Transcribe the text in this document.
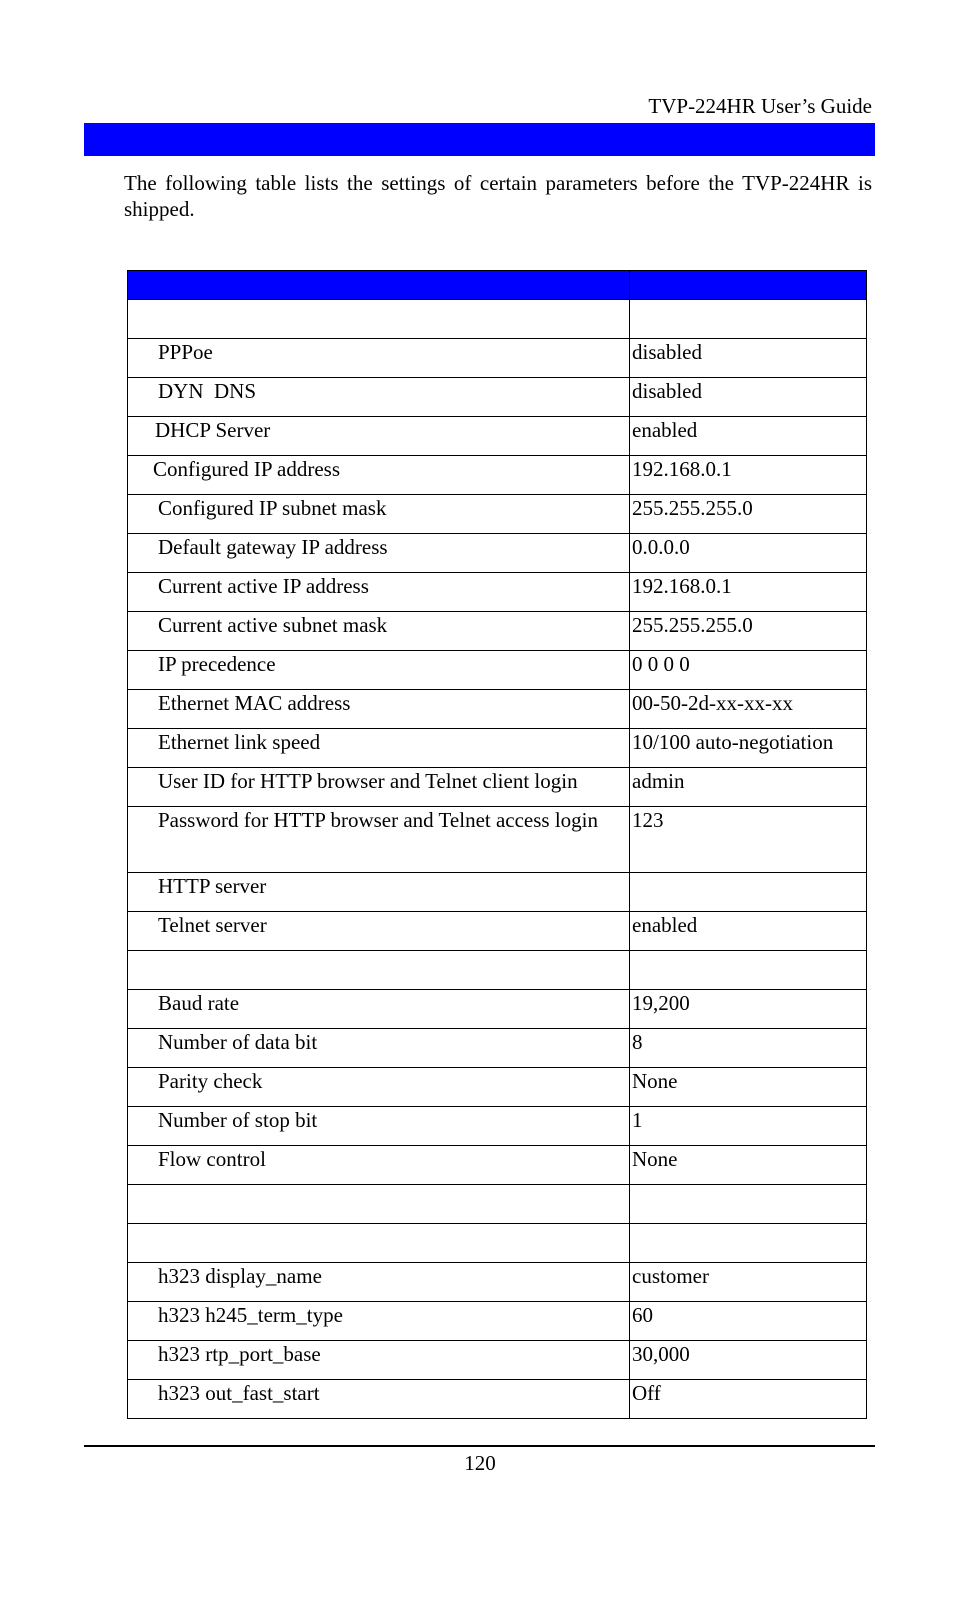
TVP-224HR User’s Guide

The following table lists the settings of certain parameters before the TVP-224HR is shipped.

PPPoe	disabled

DYN  DNS	disabled

DHCP Server	enabled

Configured IP address	192.168.0.1

Configured IP subnet mask	255.255.255.0

Default gateway IP address	0.0.0.0

Current active IP address	192.168.0.1

Current active subnet mask	255.255.255.0

IP precedence	0 0 0 0

Ethernet MAC address	00-50-2d-xx-xx-xx

Ethernet link speed	10/100 auto-negotiation

User ID for HTTP browser and Telnet client login	admin

Password for HTTP browser and Telnet access login	123

HTTP server	

Telnet server	enabled

Baud rate	19,200

Number of data bit	8

Parity check	None

Number of stop bit	1

Flow control	None

h323 display_name	customer

h323 h245_term_type	60

h323 rtp_port_base	30,000

h323 out_fast_start	Off
120
